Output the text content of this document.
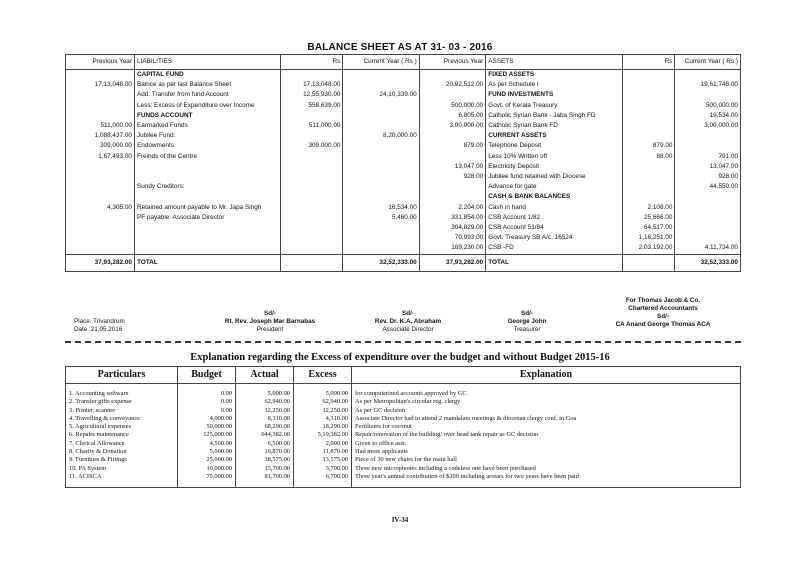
BALANCE SHEET AS AT 31- 03 - 2016
Previous Year	LIABILITIES	Rs	Current Year ( Rs )	Previous Year	ASSETS	Rs	Current Year ( Rs )
	CAPITAL FUND				FIXED ASSETS		
17,13,048.00	Balnce as per last Balance Sheet	17,13,048.00		20,92,512.00	As per Schedule I		19,61,748.00
	Add: Transfer from fund Account	12,55,930.00	24,10,339.00		FUND INVESTMENTS		
	Less: Excess of Expenditure over Income	558,639.00		500,000.00	Govt. of Kerala Treasury		500,000.00
	FUNDS ACCOUNT			6,805.00	Catholic Syrian Bank - Jaba Singh FD		19,534.00
511,000.00	Earmarked Funds	511,000.00		3,00,000.00	Catholic Syrian Bank FD		3,00,000.00
1,088,437.00	Jubilee Fund:		8,20,000.00		CURRENT ASSETS		
309,000.00	Endowments	309,000.00		879.00	Telephone Deposit	879.00	
1,67,493.00	Freinds of the Centre				Less 10% Written off	88.00	791.00
				13,047.00	Electricity Deposit		13,047.00
				928.00	Jubilee fund retained with Diocese		928.00
	Sundy Creditors:				Advance for gate		44,550.00
					CASH & BANK BALANCES		
4,305.00	Retained amount payable to Mr. Japa Singh		16,534.00	2,204.00	Cash in hand	2,108.00	
	PF payable: Associate Director		5,460.00	331,854.00	CSB Account 1/82	25,666.00	
				304,829.00	CSB Account 51/84	64,517.00	
				70,993.00	Govt. Treasury SB A/c. 16524	1,16,251.00	
				169,230.00	CSB -FD	2,03,192.00	4,11,734.00
37,93,282.00	TOTAL		32,52,333.00	37,93,282.00	TOTAL		32,52,333.00
Place: Trivandrum
Date :21.05.2016
Sd/-
Rt. Rev. Joseph Mar Barnabas
President
Sd/-
Rev. Dr. K.A. Abraham
Associate Director
Sd/-
George John
Treasurer
For Thomas Jacob & Co.
Chartered Accountants
Sd/-
CA Anand George Thomas ACA
Explanation regarding the Excess of expenditure over the budget and without Budget 2015-16
Particulars	Budget	Actual	Excess	Explanation

1. Accounting software	0.00	5,000.00	5,000.00	for computerized accounts approved by GC
2. Transfer gifts expense	0.00	62,940.00	62,940.00	As per Metropolitan's circular reg. clergy
3. Printer, scanner	0.00	12,250.00	12,250.00	As per GC decision
4. Travelling & conveyance	4,000.00	8,310.00	4,310.00	Associate Director had to attend 2 mandalam meetings & diocesan clergy conf. in Goa
5. Agricultural expenses	50,000.00	68,290.00	18,290.00	Fertilizers for coconut
6. Repairs maintenance	125,000.00	644,382.00	5,19,382.00	Repair/renovation of the building/ over head tank repair as GC decision
7. Clerical Allowance	4,500.00	6,500.00	2,000.00	Given to office asst.
8. Charity & Donation	5,000.00	16,870.00	11,870.00	Had more applicants
9. Furniture & Fittings	25,000.00	38,575.00	13,575.00	Piece of 30 new chairs for the main hall
10. PA System	10,000.00	13,700.00	3,700.00	Three new microphones including a codeless one have been purchased
11. ACISCA	75,000.00	81,700.00	6,700.00	Three year's annual contribution of $200 including arrears for two years have been paid

IV-34
